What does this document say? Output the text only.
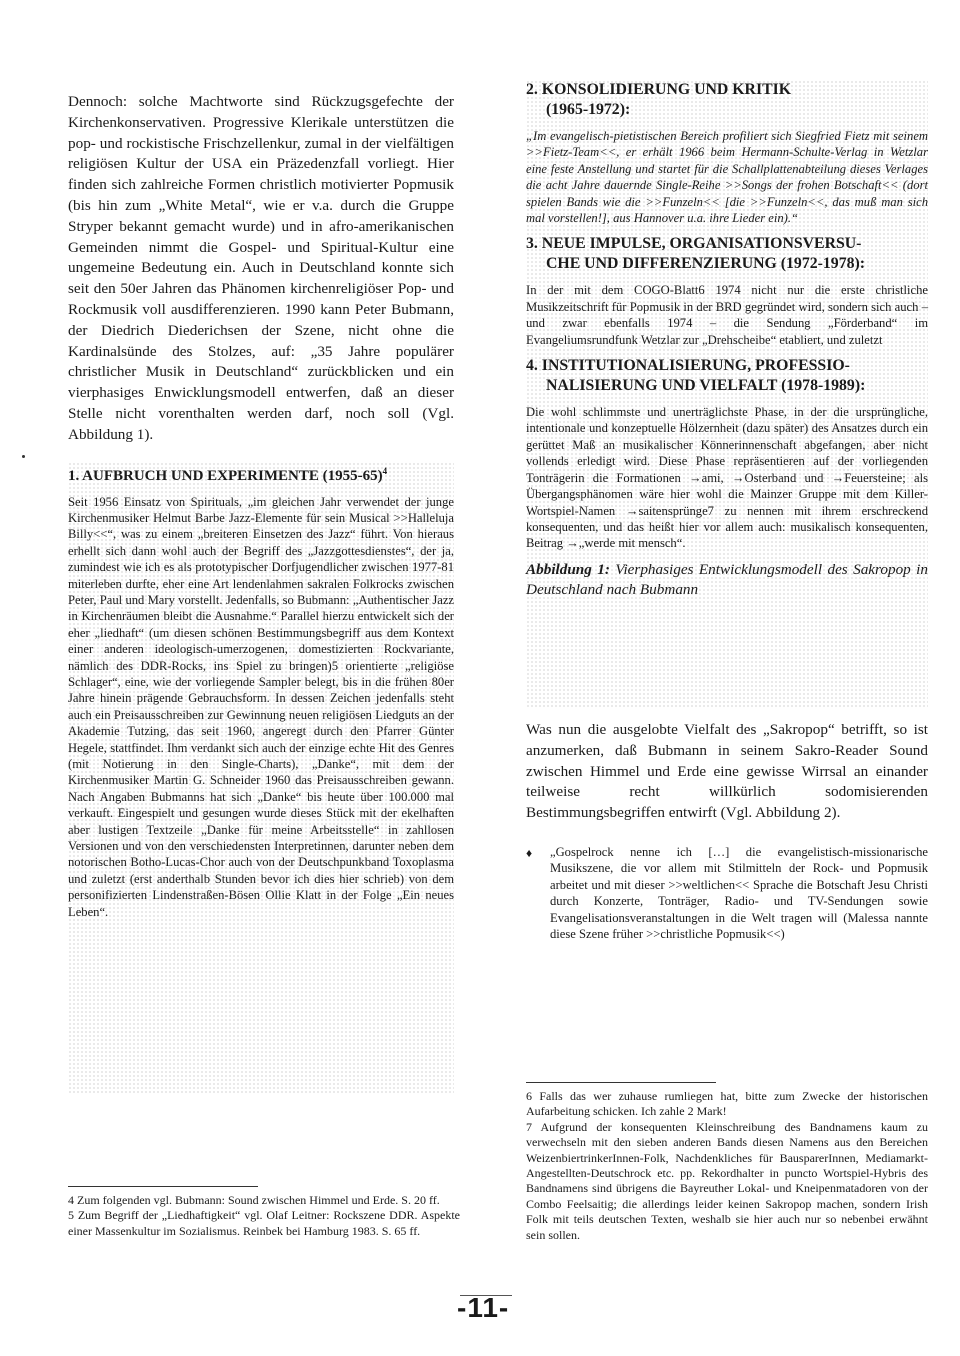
Dennoch: solche Machtworte sind Rückzugsgefechte der Kirchenkonservativen. Progressive Klerikale unterstützen die pop- und rockistische Frischzellenkur, zumal in der vielfältigen religiösen Kultur der USA ein Präzedenzfall vorliegt. Hier finden sich zahlreiche Formen christlich motivierter Popmusik (bis hin zum „White Metal“, wie er v.a. durch die Gruppe Stryper bekannt gemacht wurde) und in afro-amerikanischen Gemeinden nimmt die Gospel- und Spiritual-Kultur eine ungemeine Bedeutung ein. Auch in Deutschland konnte sich seit den 50er Jahren das Phänomen kirchenreligiöser Pop- und Rockmusik voll ausdifferenzieren. 1990 kann Peter Bubmann, der Diedrich Diederichsen der Szene, nicht ohne die Kardinalsünde des Stolzes, auf: „35 Jahre populärer christlicher Musik in Deutschland“ zurückblicken und ein vierphasiges Enwicklungsmodell entwerfen, daß an dieser Stelle nicht vorenthalten werden darf, noch soll (Vgl. Abbildung 1).

1. AUFBRUCH UND EXPERIMENTE (1955-65)$^4$

Seit 1956 Einsatz von Spirituals, „im gleichen Jahr verwendet der junge Kirchenmusiker Helmut Barbe Jazz-Elemente für sein Musical >>Halleluja Billy<<“, was zu einem „breiteren Einsetzen des Jazz“ führt. Von hieraus erhellt sich dann wohl auch der Begriff des „Jazzgottesdienstes“, der ja, zumindest wie ich es als prototypischer Dorfjugendlicher zwischen 1977-81 miterleben durfte, eher eine Art lendenlahmen sakralen Folkrocks zwischen Peter, Paul und Mary vorstellt. Jedenfalls, so Bubmann: „Authentischer Jazz in Kirchenräumen bleibt die Ausnahme.“ Parallel hierzu entwickelt sich der eher „liedhaft“ (um diesen schönen Bestimmungsbegriff aus dem Kontext einer anderen ideologisch-umerzogenen, domestizierten Rockvariante, nämlich des DDR-Rocks, ins Spiel zu bringen)5 orientierte „religiöse Schlager“, eine, wie der vorliegende Sampler belegt, bis in die frühen 80er Jahre hinein prägende Gebrauchsform. In dessen Zeichen jedenfalls steht auch ein Preisausschreiben zur Gewinnung neuen religiösen Liedguts an der Akademie Tutzing, das seit 1960, angeregt durch den Pfarrer Günter Hegele, stattfindet. Ihm verdankt sich auch der einzige echte Hit des Genres (mit Notierung in den Single-Charts), „Danke“, mit dem der Kirchenmusiker Martin G. Schneider 1960 das Preisausschreiben gewann. Nach Angaben Bubmanns hat sich „Danke“ bis heute über 100.000 mal verkauft. Eingespielt und gesungen wurde dieses Stück mit der ekelhaften aber lustigen Textzeile „Danke für meine Arbeitsstelle“ in zahllosen Versionen und von den verschiedensten Interpretinnen, darunter neben dem notorischen Botho-Lucas-Chor auch von der Deutschpunkband Toxoplasma und zuletzt (erst anderthalb Stunden bevor ich dies hier schrieb) von dem personifizierten Lindenstraßen-Bösen Ollie Klatt in der Folge „Ein neues Leben“.

4 Zum folgenden vgl. Bubmann: Sound zwischen Himmel und Erde. S. 20 ff.

5 Zum Begriff der „Liedhaftigkeit“ vgl. Olaf Leitner: Rockszene DDR. Aspekte einer Massenkultur im Sozialismus. Reinbek bei Hamburg 1983. S. 65 ff.

2. KONSOLIDIERUNG UND KRITIK
(1965-1972):

„Im evangelisch-pietistischen Bereich profiliert sich Siegfried Fietz mit seinem >>Fietz-Team<<, er erhält 1966 beim Hermann-Schulte-Verlag in Wetzlar eine feste Anstellung und startet für die Schallplattenabteilung dieses Verlages die acht Jahre dauernde Single-Reihe >>Songs der frohen Botschaft<< (dort spielen Bands wie die >>Funzeln<< [die >>Funzeln<<, das muß man sich mal vorstellen!], aus Hannover u.a. ihre Lieder ein).“

3. NEUE IMPULSE, ORGANISATIONSVERSU-
CHE UND DIFFERENZIERUNG (1972-1978):

In der mit dem COGO-Blatt6 1974 nicht nur die erste christliche Musikzeitschrift für Popmusik in der BRD gegründet wird, sondern sich auch – und zwar ebenfalls 1974 – die Sendung „Förderband“ im Evangeliumsrundfunk Wetzlar zur „Drehscheibe“ etabliert, und zuletzt

4. INSTITUTIONALISIERUNG, PROFESSIO-
NALISIERUNG UND VIELFALT (1978-1989):

Die wohl schlimmste und unerträglichste Phase, in der die ursprüngliche, intentionale und konzeptuelle Hölzernheit (dazu später) des Ansatzes durch ein gerüttet Maß an musikalischer Könnerinnenschaft abgefangen, aber nicht vollends erledigt wird. Diese Phase repräsentieren auf der vorliegenden Tonträgerin die Formationen →ami, →Osterband und →Feuersteine; als Übergangsphänomen wäre hier wohl die Mainzer Gruppe mit dem Killer-Wortspiel-Namen →saitensprünge7 zu nennen mit ihrem erschreckend konsequenten, und das heißt hier vor allem auch: musikalisch konsequenten, Beitrag →„werde mit mensch“.

Abbildung 1: Vierphasiges Entwicklungsmodell des Sakropop in Deutschland nach Bubmann

Was nun die ausgelobte Vielfalt des „Sakropop“ betrifft, so ist anzumerken, daß Bubmann in seinem Sakro-Reader Sound zwischen Himmel und Erde eine gewisse Wirrsal an einander teilweise recht willkürlich sodomisierenden Bestimmungsbegriffen entwirft (Vgl. Abbildung 2).

♦	„Gospelrock nenne ich […] die evangelistisch-missionarische Musikszene, die vor allem mit Stilmitteln der Rock- und Popmusik arbeitet und mit dieser >>weltlichen<< Sprache die Botschaft Jesu Christi durch Konzerte, Tonträger, Radio- und TV-Sendungen sowie Evangelisationsveranstaltungen in die Welt tragen will (Malessa nannte diese Szene früher >>christliche Popmusik<<)

6 Falls das wer zuhause rumliegen hat, bitte zum Zwecke der historischen Aufarbeitung schicken. Ich zahle 2 Mark!

7 Aufgrund der konsequenten Kleinschreibung des Bandnamens kaum zu verwechseln mit den sieben anderen Bands diesen Namens aus den Bereichen WeizenbiertrinkerInnen-Folk, Nachdenkliches für BausparerInnen, Mediamarkt-Angestellten-Deutschrock etc. pp. Rekordhalter in puncto Wortspiel-Hybris des Bandnamens sind übrigens die Bayreuther Lokal- und Kneipenmatadoren von der Combo Feelsaitig; die allerdings leider keinen Sakropop machen, sondern Irish Folk mit teils deutschen Texten, weshalb sie hier auch nur so nebenbei erwähnt sein sollen.

-11-
